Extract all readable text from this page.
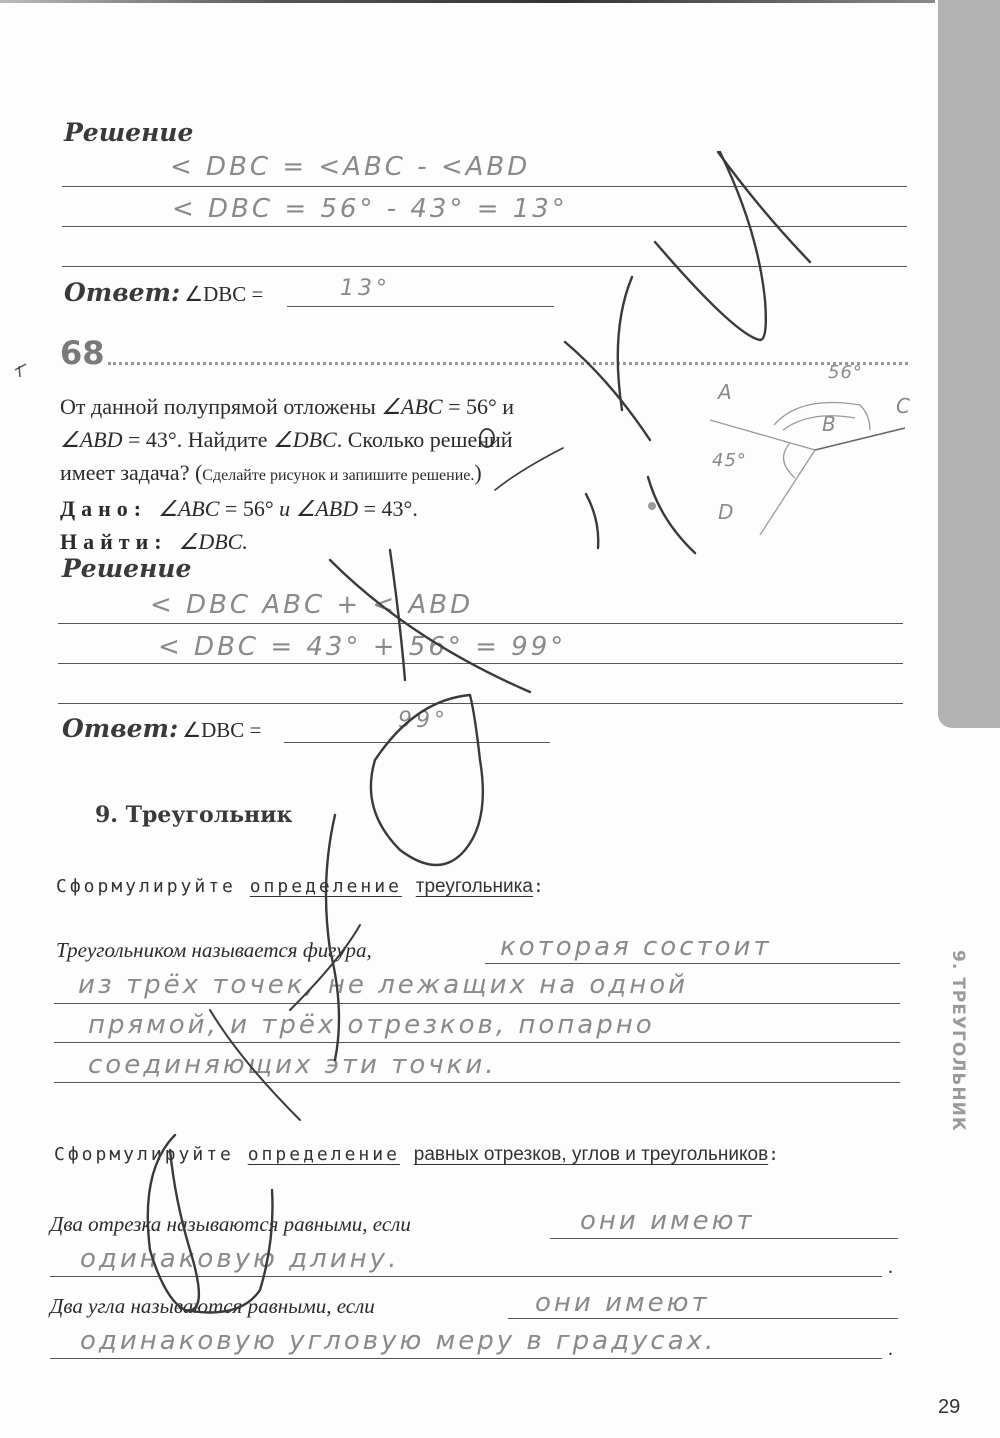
9. ТРЕУГОЛЬНИК
Решение
< DBC = <ABC - <ABD
< DBC = 56° - 43° = 13°
Ответ: ∠DBC =	13°
68
От данной полупрямой отложены ∠ABC = 56° и
∠ABD = 43°. Найдите ∠DBC. Сколько решений
имеет задача? (Сделайте рисунок и запишите решение.)
Дано: ∠ABC = 56° и ∠ABD = 43°.
Найти: ∠DBC.
Решение
< DBC ABC + < ABD
< DBC = 43° + 56° = 99°
Ответ: ∠DBC =	99°
A
B
C
D
56°
45°
9. Треугольник
Сформулируйте определение треугольника:
Треугольником называется фигура,	которая состоит
из трёх точек, не лежащих на одной
прямой, и трёх отрезков, попарно
соединяющих эти точки.
Сформулируйте определение равных отрезков, углов и треугольников:
Два отрезка называются равными, если	они имеют
одинаковую длину.	.
Два угла называются равными, если	они имеют
одинаковую угловую меру в градусах.	.
29
